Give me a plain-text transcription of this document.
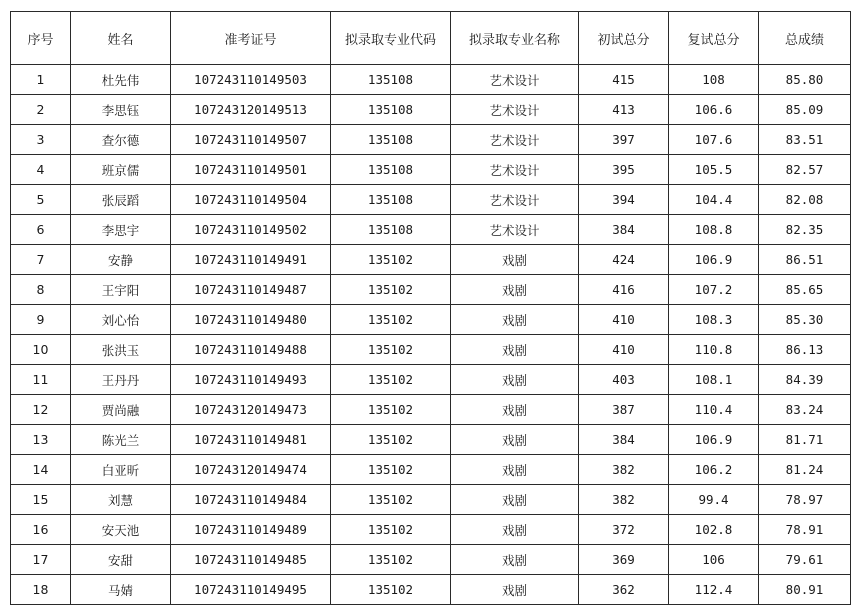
序号	姓名	准考证号	拟录取专业代码	拟录取专业名称	初试总分	复试总分	总成绩
1	杜先伟	107243110149503	135108	艺术设计	415	108	85.80
2	李思钰	107243120149513	135108	艺术设计	413	106.6	85.09
3	查尔德	107243110149507	135108	艺术设计	397	107.6	83.51
4	班京儒	107243110149501	135108	艺术设计	395	105.5	82.57
5	张辰蹈	107243110149504	135108	艺术设计	394	104.4	82.08
6	李思宇	107243110149502	135108	艺术设计	384	108.8	82.35
7	安静	107243110149491	135102	戏剧	424	106.9	86.51
8	王宇阳	107243110149487	135102	戏剧	416	107.2	85.65
9	刘心怡	107243110149480	135102	戏剧	410	108.3	85.30
10	张洪玉	107243110149488	135102	戏剧	410	110.8	86.13
11	王丹丹	107243110149493	135102	戏剧	403	108.1	84.39
12	贾尚融	107243120149473	135102	戏剧	387	110.4	83.24
13	陈光兰	107243110149481	135102	戏剧	384	106.9	81.71
14	白亚昕	107243120149474	135102	戏剧	382	106.2	81.24
15	刘慧	107243110149484	135102	戏剧	382	99.4	78.97
16	安天池	107243110149489	135102	戏剧	372	102.8	78.91
17	安甜	107243110149485	135102	戏剧	369	106	79.61
18	马婧	107243110149495	135102	戏剧	362	112.4	80.91
